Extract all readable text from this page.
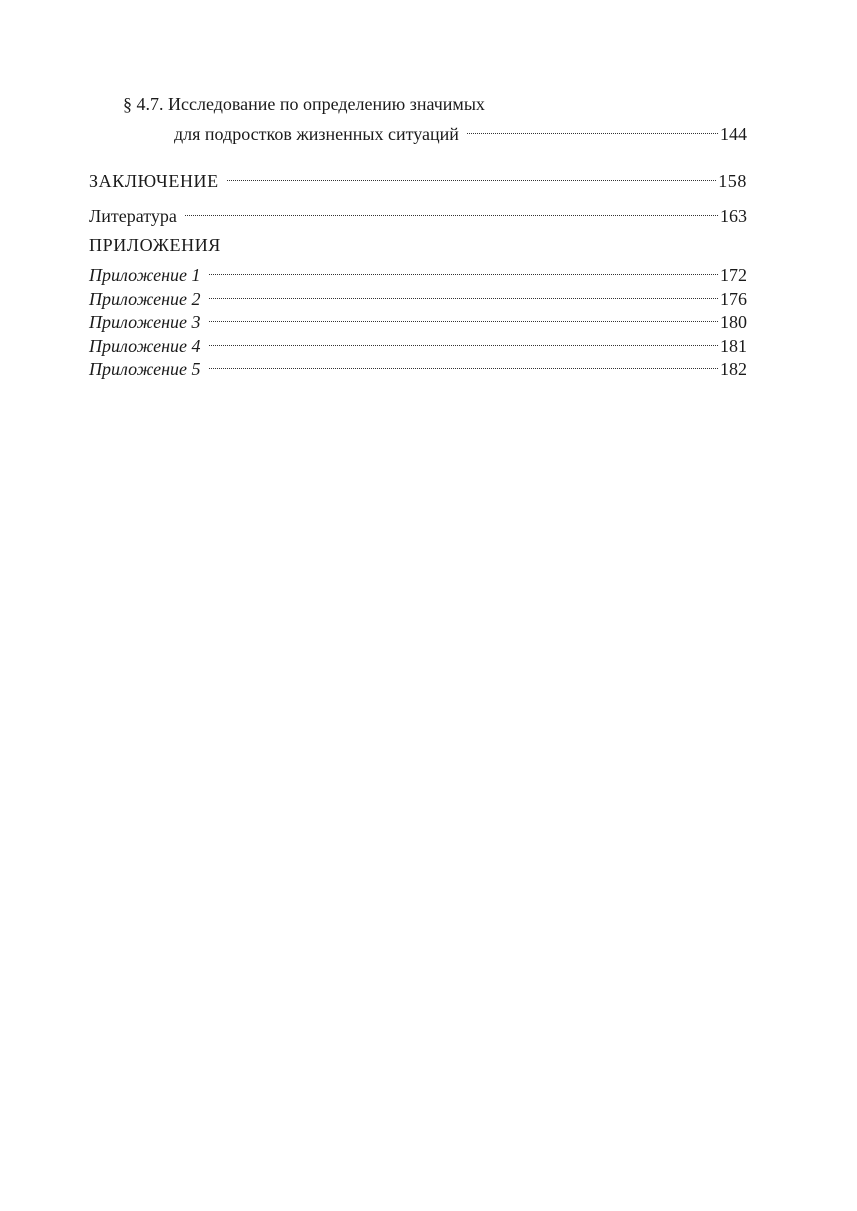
§ 4.7. Исследование по определению значимых
для подростков жизненных ситуаций	144
ЗАКЛЮЧЕНИЕ	158
Литература	163
ПРИЛОЖЕНИЯ
Приложение 1	172
Приложение 2	176
Приложение 3	180
Приложение 4	181
Приложение 5	182
